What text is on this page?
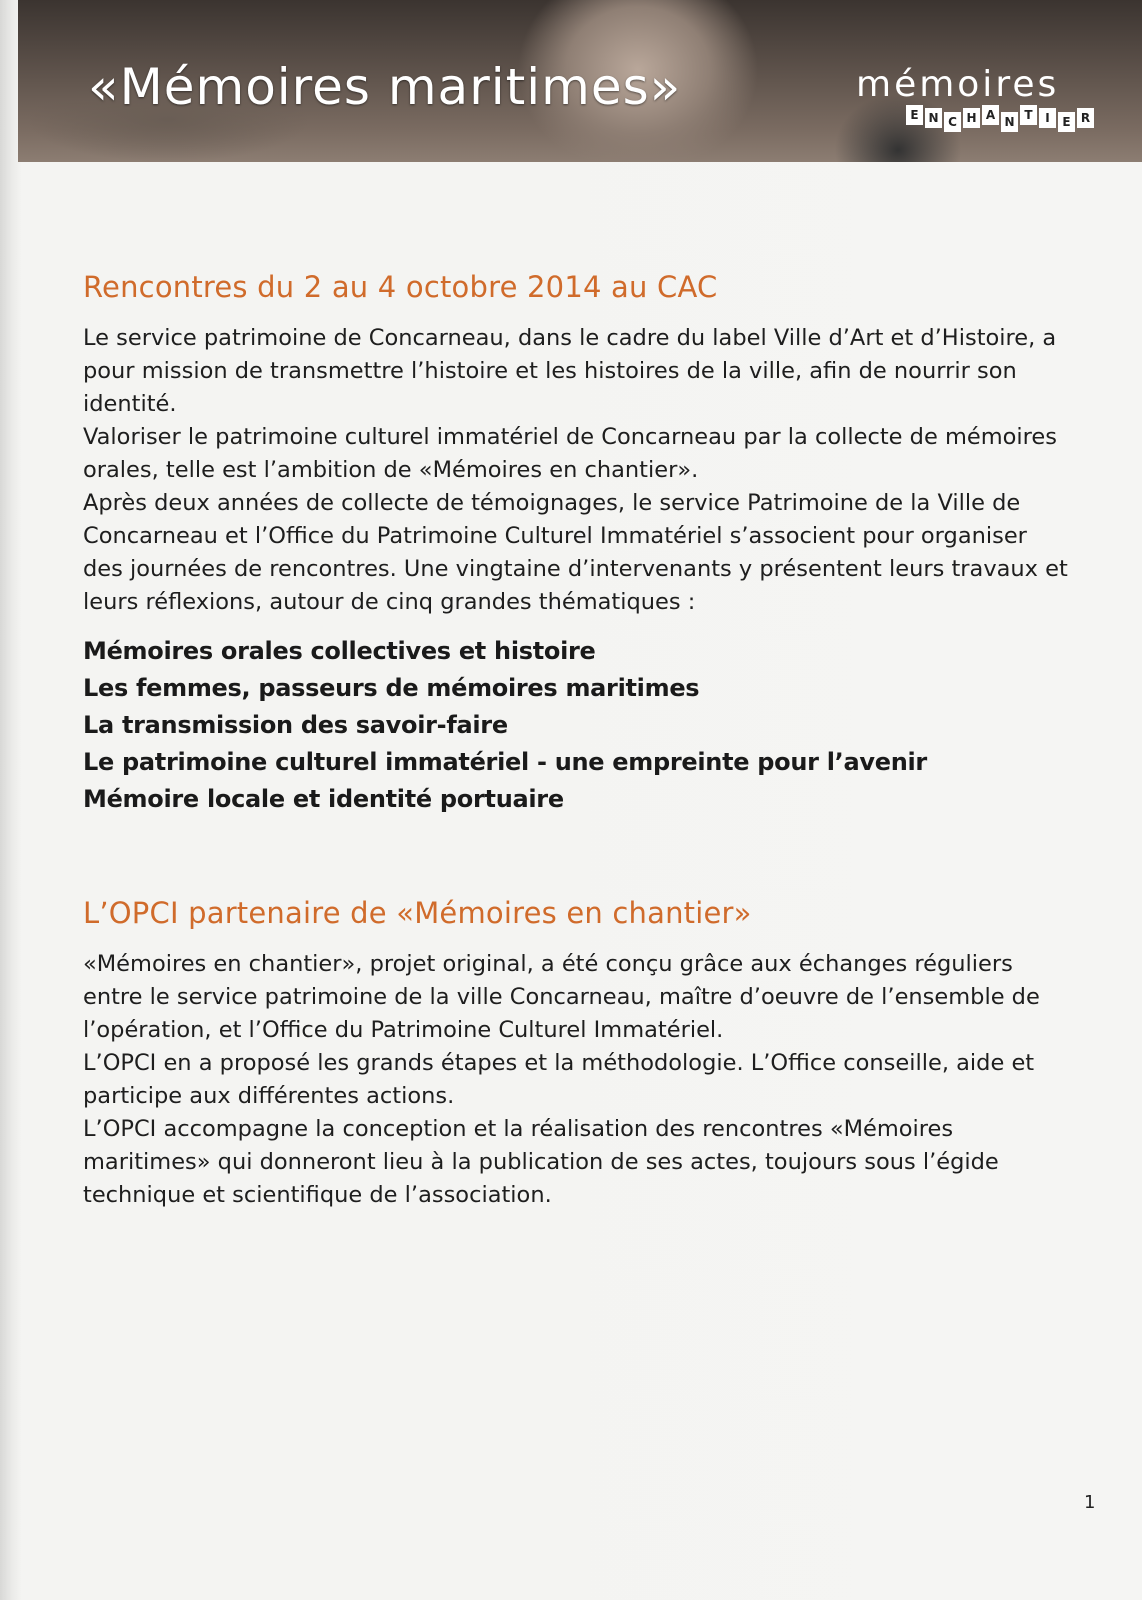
«Mémoires maritimes»	mémoires
E N C H A N T	I	E R
Rencontres du 2 au 4 octobre 2014 au CAC

Le service patrimoine de Concarneau, dans le cadre du label Ville d’Art et d’Histoire, a pour mission de transmettre l’histoire et les histoires de la ville, afin de nourrir son identité.

Valoriser le patrimoine culturel immatériel de Concarneau par la collecte de mémoires orales, telle est l’ambition de «Mémoires en chantier».

Après deux années de collecte de témoignages, le service Patrimoine de la Ville de Concarneau et l’Office du Patrimoine Culturel Immatériel s’associent pour organiser des journées de rencontres. Une vingtaine d’intervenants y présentent leurs travaux et leurs réflexions, autour de cinq grandes thématiques :

Mémoires orales collectives et histoire
Les femmes, passeurs de mémoires maritimes
La transmission des savoir-faire
Le patrimoine culturel immatériel - une empreinte pour l’avenir
Mémoire locale et identité portuaire
L’OPCI partenaire de «Mémoires en chantier»

«Mémoires en chantier», projet original, a été conçu grâce aux échanges réguliers entre le service patrimoine de la ville Concarneau, maître d’oeuvre de l’ensemble de l’opération, et l’Office du Patrimoine Culturel Immatériel.

L’OPCI en a proposé les grands étapes et la méthodologie. L’Office conseille, aide et participe aux différentes actions.

L’OPCI accompagne la conception et la réalisation des rencontres «Mémoires maritimes» qui donneront lieu à la publication de ses actes, toujours sous l’égide technique et scientifique de l’association.

1
